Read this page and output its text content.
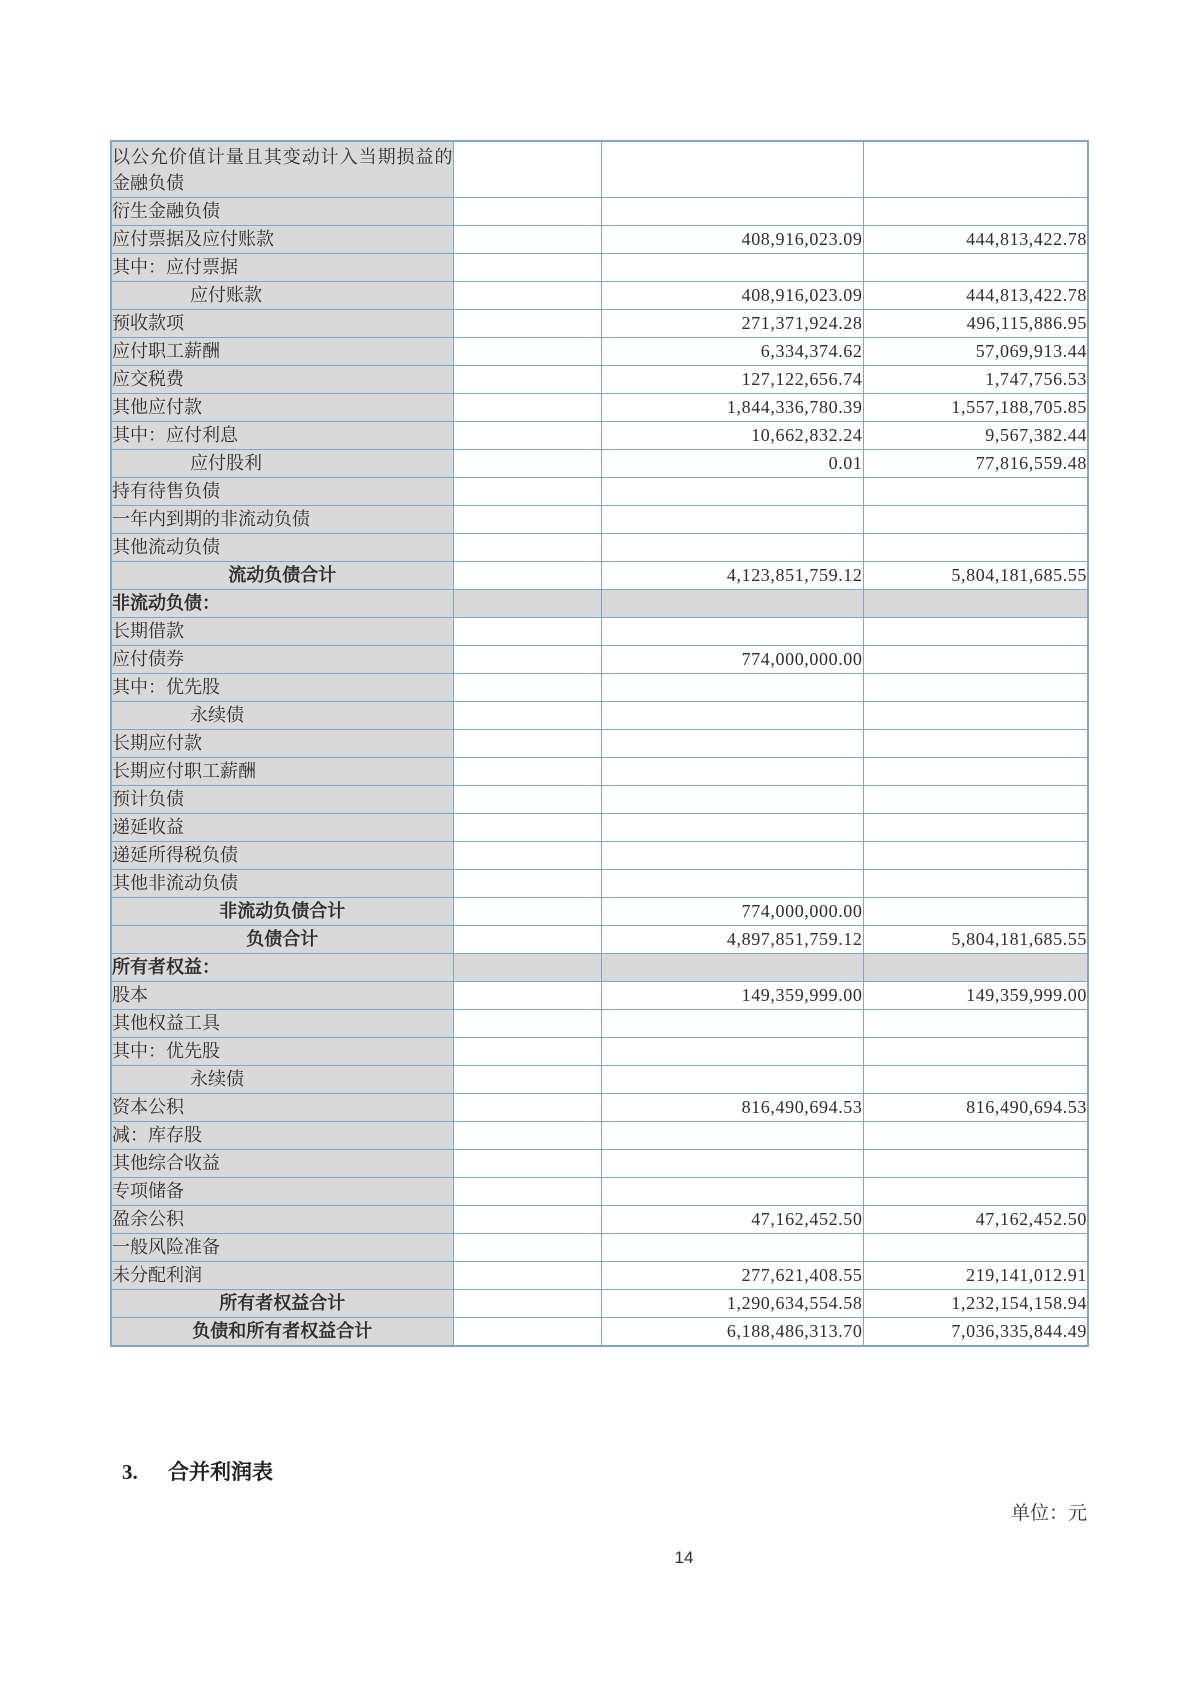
以公允价值计量且其变动计入当期损益的金融负债			
衍生金融负债			
应付票据及应付账款		408,916,023.09	444,813,422.78
其中：应付票据			
应付账款		408,916,023.09	444,813,422.78
预收款项		271,371,924.28	496,115,886.95
应付职工薪酬		6,334,374.62	57,069,913.44
应交税费		127,122,656.74	1,747,756.53
其他应付款		1,844,336,780.39	1,557,188,705.85
其中：应付利息		10,662,832.24	9,567,382.44
应付股利		0.01	77,816,559.48
持有待售负债			
一年内到期的非流动负债			
其他流动负债			
流动负债合计		4,123,851,759.12	5,804,181,685.55
非流动负债：			
长期借款			
应付债券		774,000,000.00	
其中：优先股			
永续债			
长期应付款			
长期应付职工薪酬			
预计负债			
递延收益			
递延所得税负债			
其他非流动负债			
非流动负债合计		774,000,000.00	
负债合计		4,897,851,759.12	5,804,181,685.55
所有者权益：			
股本		149,359,999.00	149,359,999.00
其他权益工具			
其中：优先股			
永续债			
资本公积		816,490,694.53	816,490,694.53
减：库存股			
其他综合收益			
专项储备			
盈余公积		47,162,452.50	47,162,452.50
一般风险准备			
未分配利润		277,621,408.55	219,141,012.91
所有者权益合计		1,290,634,554.58	1,232,154,158.94
负债和所有者权益合计		6,188,486,313.70	7,036,335,844.49
3. 合并利润表
单位：元
14
